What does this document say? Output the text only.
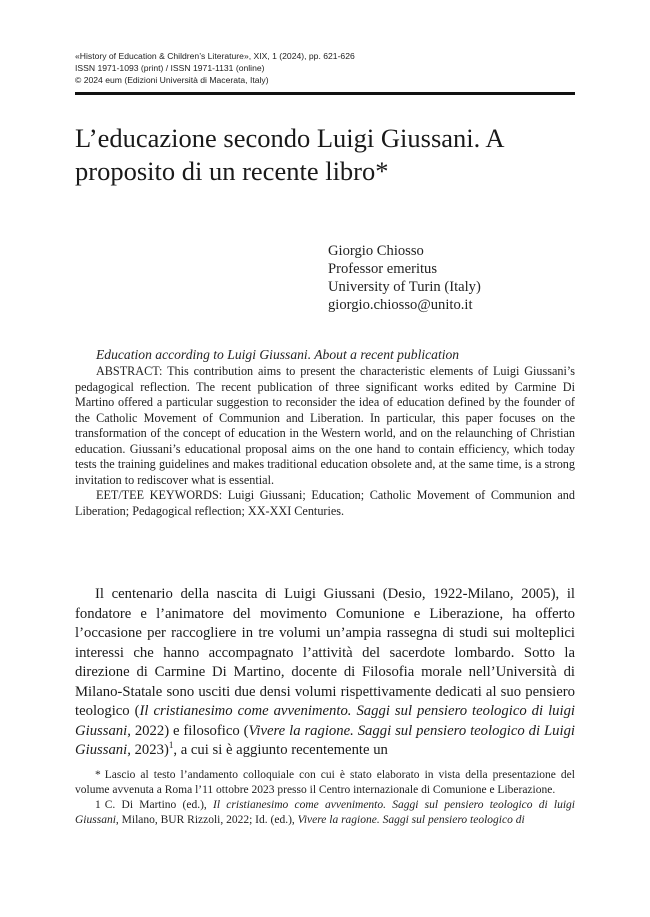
«History of Education & Children’s Literature», XIX, 1 (2024), pp. 621-626
ISSN 1971-1093 (print) / ISSN 1971-1131 (online)
© 2024 eum (Edizioni Università di Macerata, Italy)
L’educazione secondo Luigi Giussani. A proposito di un recente libro*
Giorgio Chiosso
Professor emeritus
University of Turin (Italy)
giorgio.chiosso@unito.it

Education according to Luigi Giussani. About a recent publication

ABSTRACT: This contribution aims to present the characteristic elements of Luigi Giussani’s pedagogical reflection. The recent publication of three significant works edited by Carmine Di Martino offered a particular suggestion to reconsider the idea of education defined by the founder of the Catholic Movement of Communion and Liberation. In particular, this paper focuses on the transformation of the concept of education in the Western world, and on the relaunching of Christian education. Giussani’s educational proposal aims on the one hand to contain efficiency, which today tests the training guidelines and makes traditional education obsolete and, at the same time, is a strong invitation to rediscover what is essential.

EET/TEE KEYWORDS: Luigi Giussani; Education; Catholic Movement of Communion and Liberation; Pedagogical reflection; XX-XXI Centuries.

Il centenario della nascita di Luigi Giussani (Desio, 1922-Milano, 2005), il fondatore e l’animatore del movimento Comunione e Liberazione, ha offerto l’occasione per raccogliere in tre volumi un’ampia rassegna di studi sui molteplici interessi che hanno accompagnato l’attività del sacerdote lombardo. Sotto la direzione di Carmine Di Martino, docente di Filosofia morale nell’Università di Milano-Statale sono usciti due densi volumi rispettivamente dedicati al suo pensiero teologico (Il cristianesimo come avvenimento. Saggi sul pensiero teologico di luigi Giussani, 2022) e filosofico (Vivere la ragione. Saggi sul pensiero teologico di Luigi Giussani, 2023)$^1$, a cui si è aggiunto recentemente un

* Lascio al testo l’andamento colloquiale con cui è stato elaborato in vista della presentazione del volume avvenuta a Roma l’11 ottobre 2023 presso il Centro internazionale di Comunione e Liberazione.

1 C. Di Martino (ed.), Il cristianesimo come avvenimento. Saggi sul pensiero teologico di luigi Giussani, Milano, BUR Rizzoli, 2022; Id. (ed.), Vivere la ragione. Saggi sul pensiero teologico di
